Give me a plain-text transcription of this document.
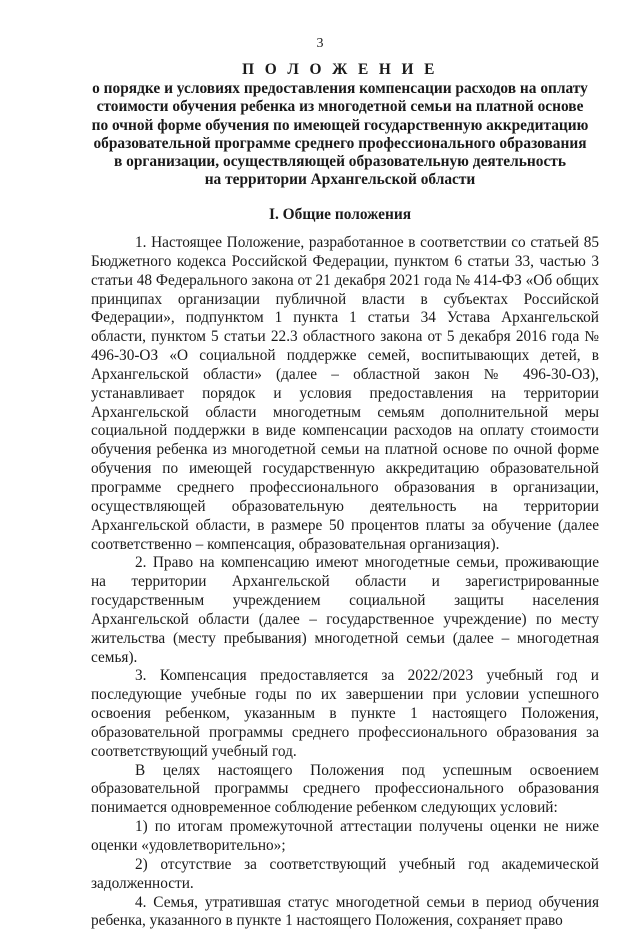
3
П О Л О Ж Е Н И Е
о порядке и условиях предоставления компенсации расходов на оплату
стоимости обучения ребенка из многодетной семьи на платной основе
по очной форме обучения по имеющей государственную аккредитацию
образовательной программе среднего профессионального образования
в организации, осуществляющей образовательную деятельность
на территории Архангельской области
I. Общие положения

1. Настоящее Положение, разработанное в соответствии со статьей 85 Бюджетного кодекса Российской Федерации, пунктом 6 статьи 33, частью 3 статьи 48 Федерального закона от 21 декабря 2021 года № 414-ФЗ «Об общих принципах организации публичной власти в субъектах Российской Федерации», подпунктом 1 пункта 1 статьи 34 Устава Архангельской области, пунктом 5 статьи 22.3 областного закона от 5 декабря 2016 года № 496-30-ОЗ «О социальной поддержке семей, воспитывающих детей, в Архангельской области» (далее – областной закон № 496-30-ОЗ), устанавливает порядок и условия предоставления на территории Архангельской области многодетным семьям дополнительной меры социальной поддержки в виде компенсации расходов на оплату стоимости обучения ребенка из многодетной семьи на платной основе по очной форме обучения по имеющей государственную аккредитацию образовательной программе среднего профессионального образования в организации, осуществляющей образовательную деятельность на территории Архангельской области, в размере 50 процентов платы за обучение (далее соответственно – компенсация, образовательная организация).

2. Право на компенсацию имеют многодетные семьи, проживающие на территории Архангельской области и зарегистрированные государственным учреждением социальной защиты населения Архангельской области (далее – государственное учреждение) по месту жительства (месту пребывания) многодетной семьи (далее – многодетная семья).

3. Компенсация предоставляется за 2022/2023 учебный год и последующие учебные годы по их завершении при условии успешного освоения ребенком, указанным в пункте 1 настоящего Положения, образовательной программы среднего профессионального образования за соответствующий учебный год.

В целях настоящего Положения под успешным освоением образовательной программы среднего профессионального образования понимается одновременное соблюдение ребенком следующих условий:

1) по итогам промежуточной аттестации получены оценки не ниже оценки «удовлетворительно»;

2) отсутствие за соответствующий учебный год академической задолженности.

4. Семья, утратившая статус многодетной семьи в период обучения ребенка, указанного в пункте 1 настоящего Положения, сохраняет право
